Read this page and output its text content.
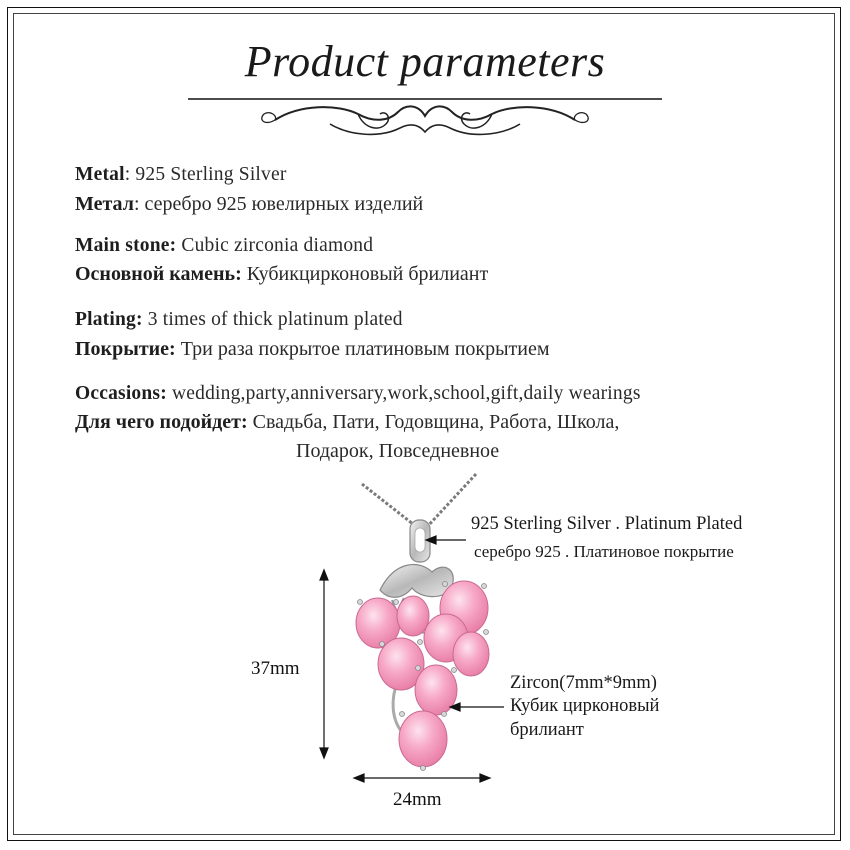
Product parameters
Metal: 925 Sterling Silver
Метал: серебро 925 ювелирных изделий
Main stone: Cubic zirconia diamond
Основной камень: Кубикцирконовый брилиант
Plating: 3 times of thick platinum plated
Покрытие: Три раза покрытое платиновым покрытием
Occasions: wedding,party,anniversary,work,school,gift,daily wearings
Для чего подойдет: Свадьба, Пати, Годовщина, Работа, Школа,
Подарок, Повседневное
925 Sterling Silver . Platinum Plated
серебро 925 . Платиновое покрытие
Zircon(7mm*9mm)
Кубик цирконовый
брилиант
37mm
24mm
